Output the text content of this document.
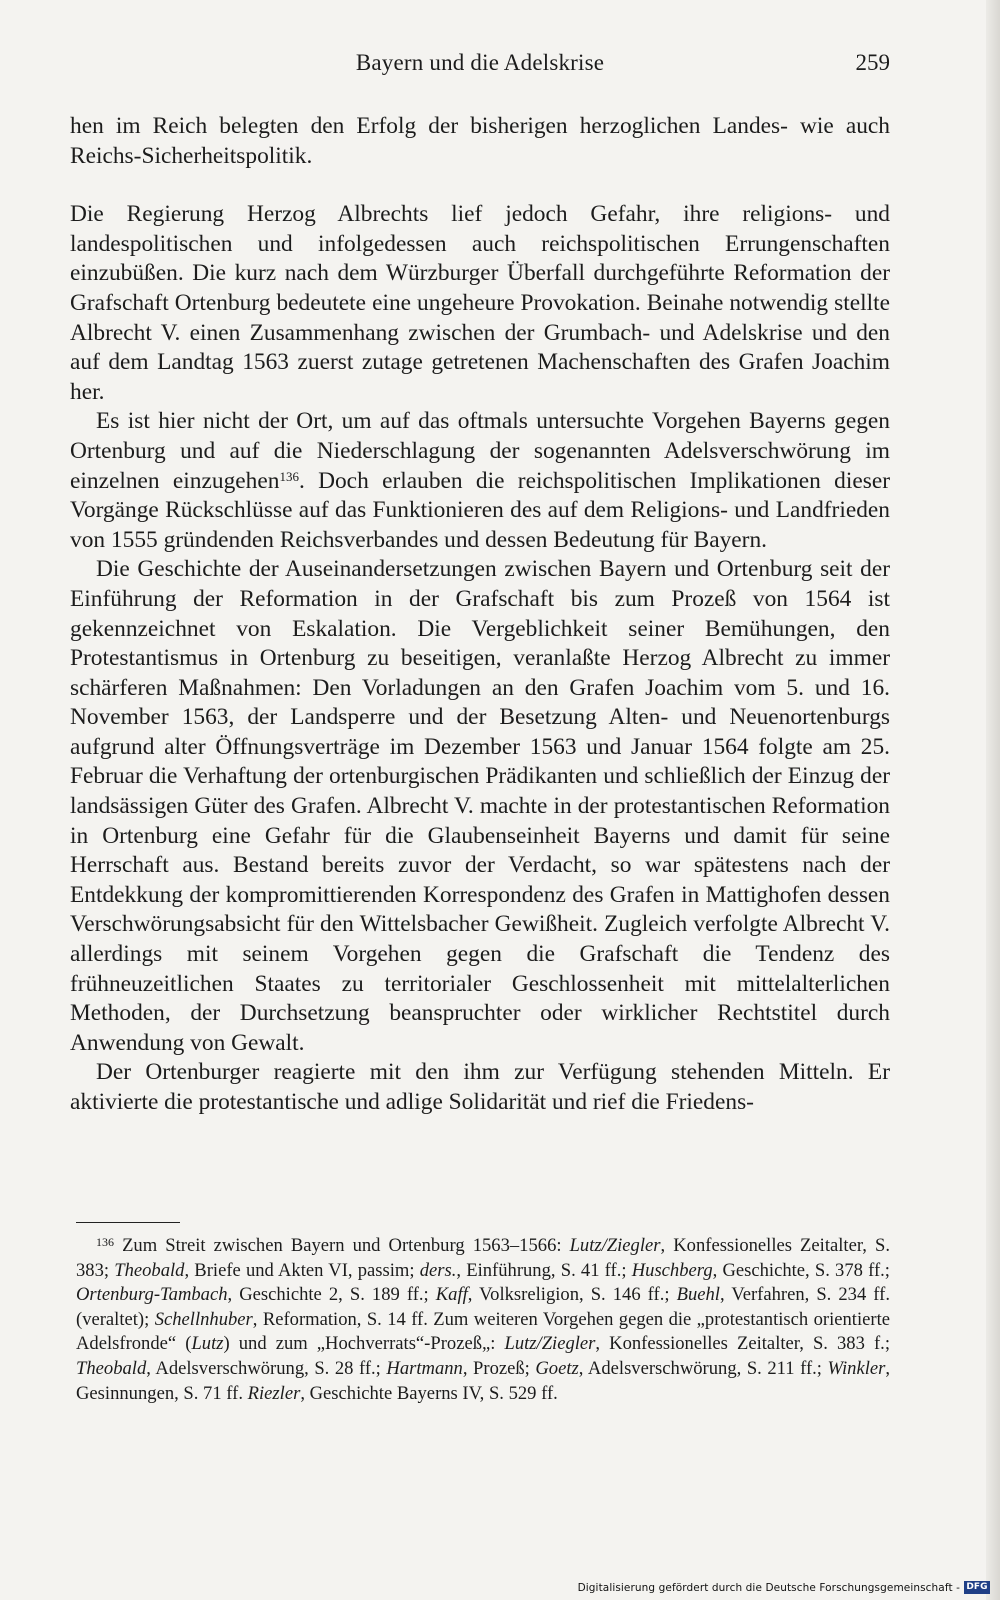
Bayern und die Adelskrise	259

hen im Reich belegten den Erfolg der bisherigen herzoglichen Landes- wie auch Reichs-Sicherheitspolitik.

Die Regierung Herzog Albrechts lief jedoch Gefahr, ihre religions- und landespolitischen und infolgedessen auch reichspolitischen Errungenschaften einzubüßen. Die kurz nach dem Würzburger Überfall durchgeführte Reformation der Grafschaft Ortenburg bedeutete eine ungeheure Provokation. Beinahe notwendig stellte Albrecht V. einen Zusammenhang zwischen der Grumbach- und Adelskrise und den auf dem Landtag 1563 zuerst zutage getretenen Machenschaften des Grafen Joachim her.

Es ist hier nicht der Ort, um auf das oftmals untersuchte Vorgehen Bayerns gegen Ortenburg und auf die Niederschlagung der sogenannten Adelsverschwörung im einzelnen einzugehen$^{136}$. Doch erlauben die reichspolitischen Implikationen dieser Vorgänge Rückschlüsse auf das Funktionieren des auf dem Religions- und Landfrieden von 1555 gründenden Reichsverbandes und dessen Bedeutung für Bayern.

Die Geschichte der Auseinandersetzungen zwischen Bayern und Ortenburg seit der Einführung der Reformation in der Grafschaft bis zum Prozeß von 1564 ist gekennzeichnet von Eskalation. Die Vergeblichkeit seiner Bemühungen, den Protestantismus in Ortenburg zu beseitigen, veranlaßte Herzog Albrecht zu immer schärferen Maßnahmen: Den Vorladungen an den Grafen Joachim vom 5. und 16. November 1563, der Landsperre und der Besetzung Alten- und Neuenortenburgs aufgrund alter Öffnungsverträge im Dezember 1563 und Januar 1564 folgte am 25. Februar die Verhaftung der ortenburgischen Prädikanten und schließlich der Einzug der landsässigen Güter des Grafen. Albrecht V. machte in der protestantischen Reformation in Ortenburg eine Gefahr für die Glaubenseinheit Bayerns und damit für seine Herrschaft aus. Bestand bereits zuvor der Verdacht, so war spätestens nach der Entdekkung der kompromittierenden Korrespondenz des Grafen in Mattighofen dessen Verschwörungsabsicht für den Wittelsbacher Gewißheit. Zugleich verfolgte Albrecht V. allerdings mit seinem Vorgehen gegen die Grafschaft die Tendenz des frühneuzeitlichen Staates zu territorialer Geschlossenheit mit mittelalterlichen Methoden, der Durchsetzung beanspruchter oder wirklicher Rechtstitel durch Anwendung von Gewalt.

Der Ortenburger reagierte mit den ihm zur Verfügung stehenden Mitteln. Er aktivierte die protestantische und adlige Solidarität und rief die Friedens-

$^{136}$ Zum Streit zwischen Bayern und Ortenburg 1563–1566: Lutz/Ziegler, Konfessionelles Zeitalter, S. 383; Theobald, Briefe und Akten VI, passim; ders., Einführung, S. 41 ff.; Huschberg, Geschichte, S. 378 ff.; Ortenburg-Tambach, Geschichte 2, S. 189 ff.; Kaff, Volksreligion, S. 146 ff.; Buehl, Verfahren, S. 234 ff. (veraltet); Schellnhuber, Reformation, S. 14 ff. Zum weiteren Vorgehen gegen die „protestantisch orientierte Adelsfronde“ (Lutz) und zum „Hochverrats“-Prozeß„: Lutz/Ziegler, Konfessionelles Zeitalter, S. 383 f.; Theobald, Adelsverschwörung, S. 28 ff.; Hartmann, Prozeß; Goetz, Adelsverschwörung, S. 211 ff.; Winkler, Gesinnungen, S. 71 ff. Riezler, Geschichte Bayerns IV, S. 529 ff.

Digitalisierung gefördert durch die Deutsche Forschungsgemeinschaft - DFG
